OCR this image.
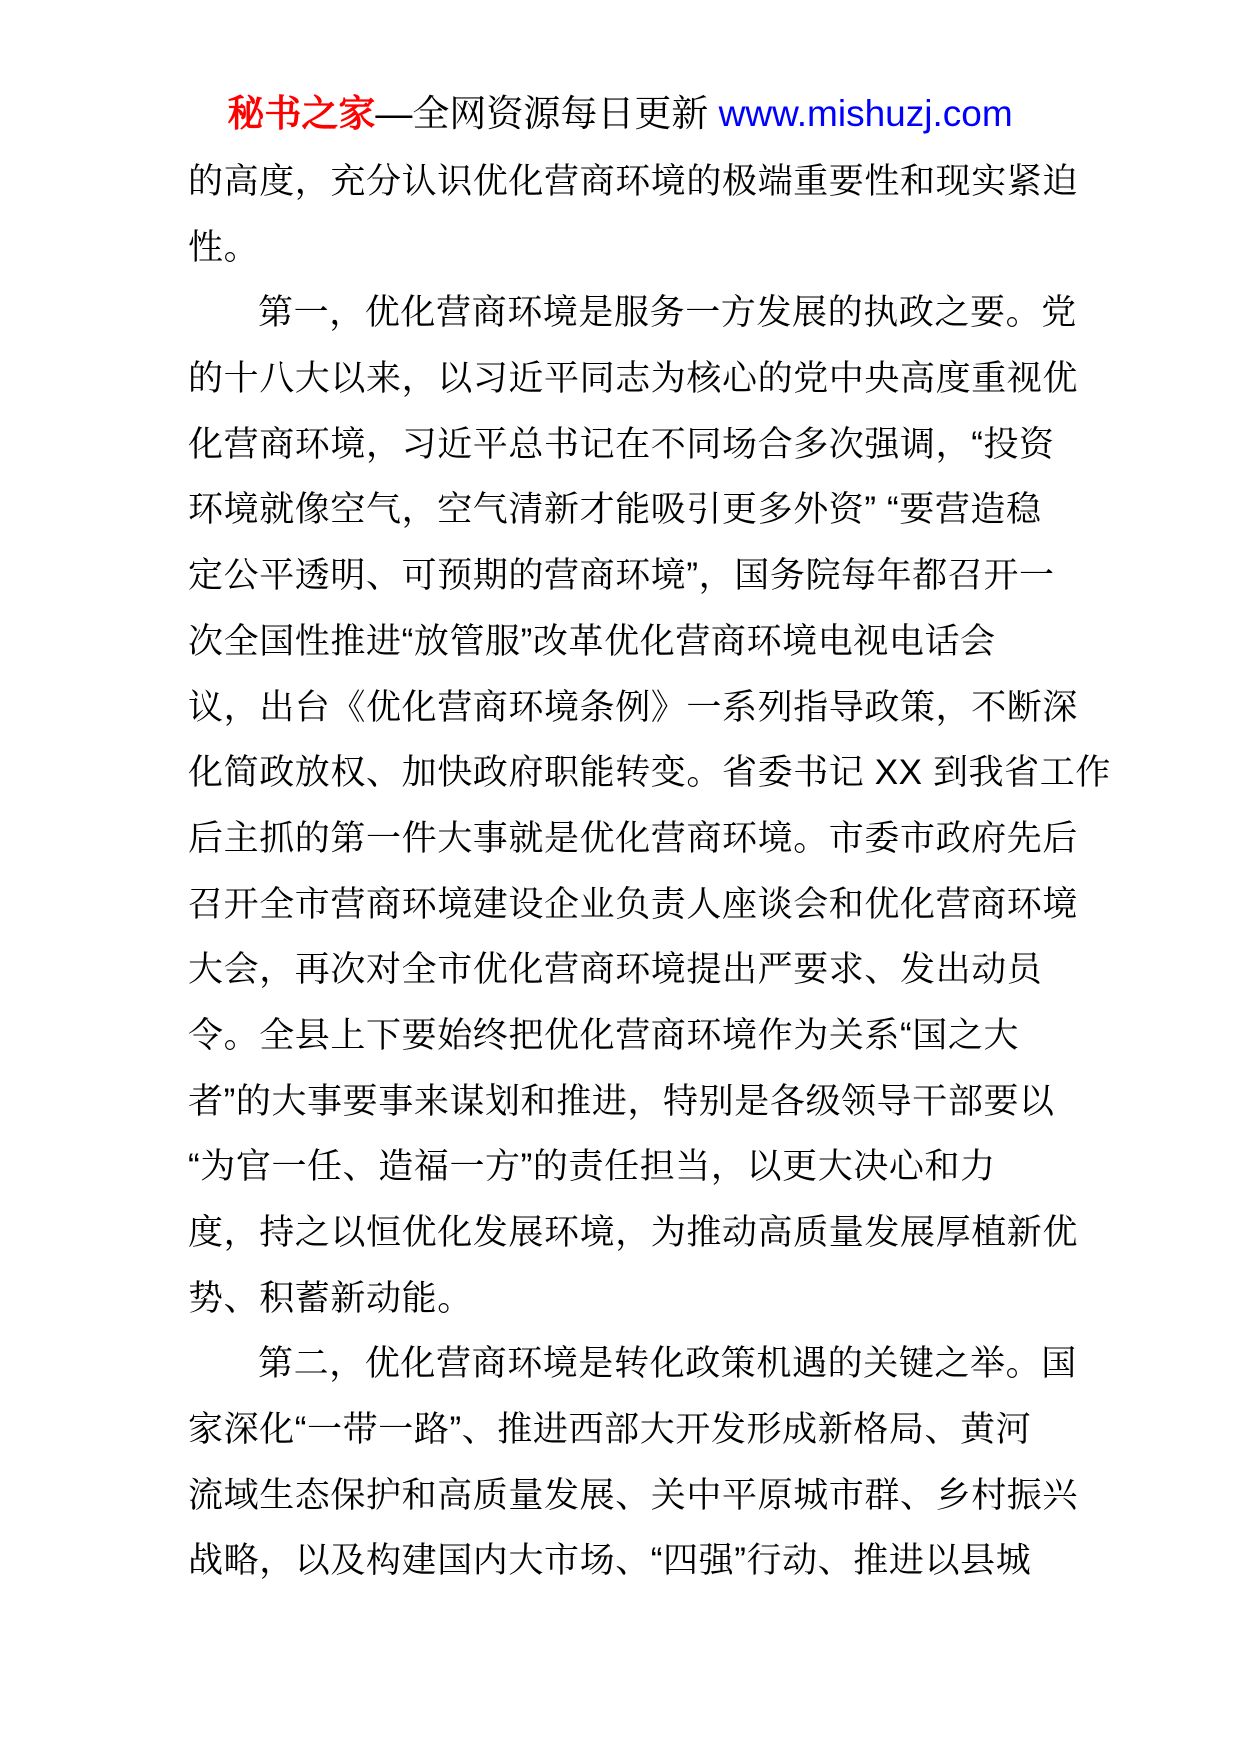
秘书之家—全网资源每日更新 www.mishuzj.com
的高度，充分认识优化营商环境的极端重要性和现实紧迫
性。
第一，优化营商环境是服务一方发展的执政之要。党
的十八大以来，以习近平同志为核心的党中央高度重视优
化营商环境，习近平总书记在不同场合多次强调，“投资
环境就像空气，空气清新才能吸引更多外资” “要营造稳
定公平透明、可预期的营商环境”，国务院每年都召开一
次全国性推进“放管服”改革优化营商环境电视电话会
议，出台《优化营商环境条例》一系列指导政策，不断深
化简政放权、加快政府职能转变。省委书记 XX 到我省工作
后主抓的第一件大事就是优化营商环境。市委市政府先后
召开全市营商环境建设企业负责人座谈会和优化营商环境
大会，再次对全市优化营商环境提出严要求、发出动员
令。全县上下要始终把优化营商环境作为关系“国之大
者”的大事要事来谋划和推进，特别是各级领导干部要以
“为官一任、造福一方”的责任担当，以更大决心和力
度，持之以恒优化发展环境，为推动高质量发展厚植新优
势、积蓄新动能。
第二，优化营商环境是转化政策机遇的关键之举。国
家深化“一带一路”、推进西部大开发形成新格局、黄河
流域生态保护和高质量发展、关中平原城市群、乡村振兴
战略，以及构建国内大市场、“四强”行动、推进以县城
